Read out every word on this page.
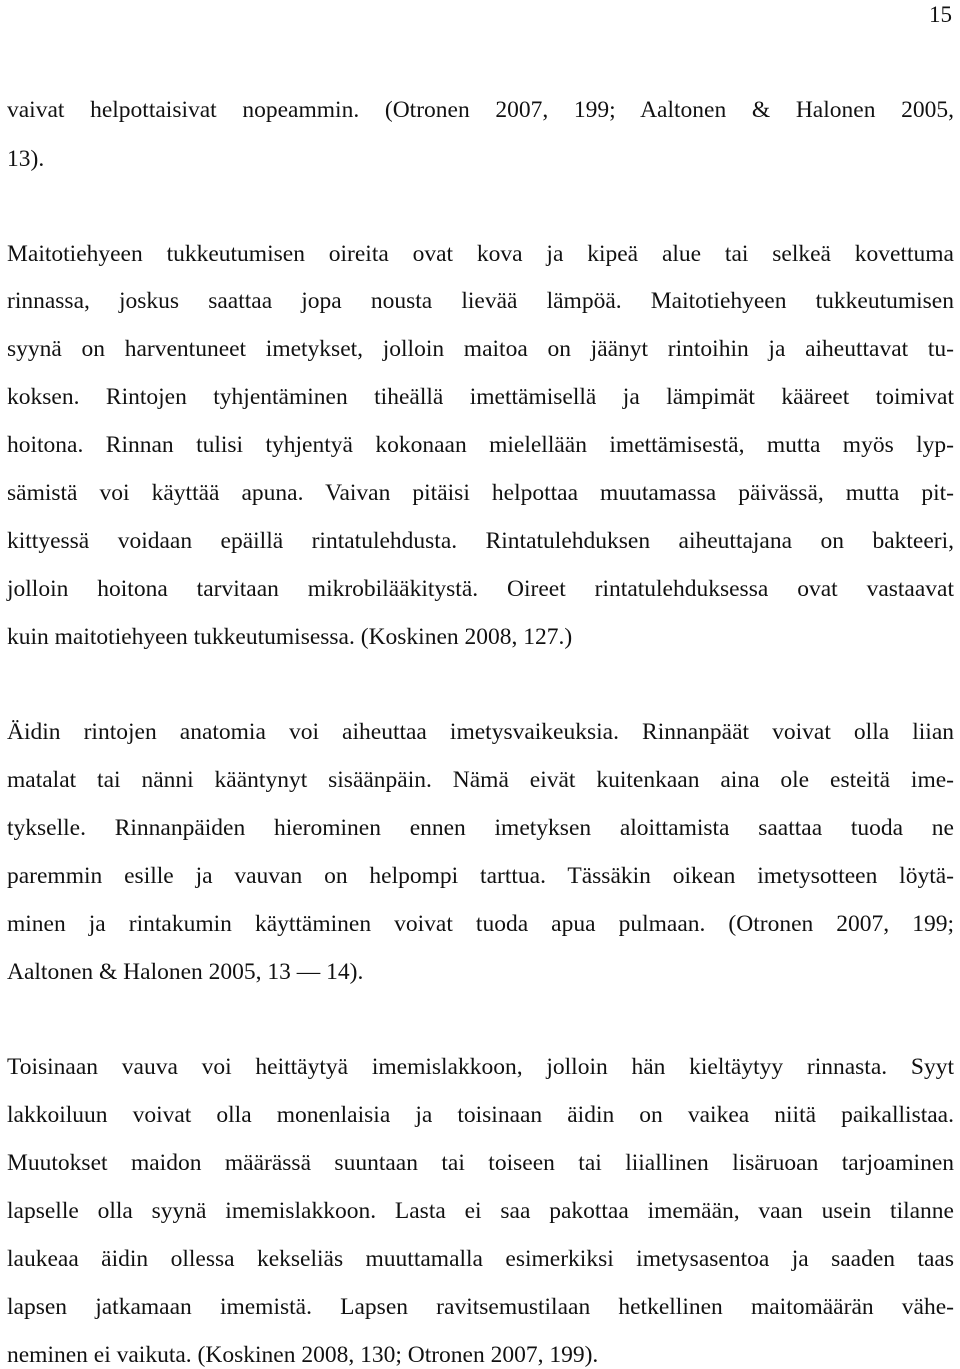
15
vaivat helpottaisivat nopeammin. (Otronen 2007, 199; Aaltonen & Halonen 2005,
13).
Maitotiehyeen tukkeutumisen oireita ovat kova ja kipeä alue tai selkeä kovettuma
rinnassa, joskus saattaa jopa nousta lievää lämpöä. Maitotiehyeen tukkeutumisen
syynä on harventuneet imetykset, jolloin maitoa on jäänyt rintoihin ja aiheuttavat tu-
koksen. Rintojen tyhjentäminen tiheällä imettämisellä ja lämpimät kääreet toimivat
hoitona. Rinnan tulisi tyhjentyä kokonaan mielellään imettämisestä, mutta myös lyp-
sämistä voi käyttää apuna. Vaivan pitäisi helpottaa muutamassa päivässä, mutta pit-
kittyessä voidaan epäillä rintatulehdusta. Rintatulehduksen aiheuttajana on bakteeri,
jolloin hoitona tarvitaan mikrobilääkitystä. Oireet rintatulehduksessa ovat vastaavat
kuin maitotiehyeen tukkeutumisessa. (Koskinen 2008, 127.)
Äidin rintojen anatomia voi aiheuttaa imetysvaikeuksia. Rinnanpäät voivat olla liian
matalat tai nänni kääntynyt sisäänpäin. Nämä eivät kuitenkaan aina ole esteitä ime-
tykselle. Rinnanpäiden hierominen ennen imetyksen aloittamista saattaa tuoda ne
paremmin esille ja vauvan on helpompi tarttua. Tässäkin oikean imetysotteen löytä-
minen ja rintakumin käyttäminen voivat tuoda apua pulmaan. (Otronen 2007, 199;
Aaltonen & Halonen 2005, 13 — 14).
Toisinaan vauva voi heittäytyä imemislakkoon, jolloin hän kieltäytyy rinnasta. Syyt
lakkoiluun voivat olla monenlaisia ja toisinaan äidin on vaikea niitä paikallistaa.
Muutokset maidon määrässä suuntaan tai toiseen tai liiallinen lisäruoan tarjoaminen
lapselle olla syynä imemislakkoon. Lasta ei saa pakottaa imemään, vaan usein tilanne
laukeaa äidin ollessa kekseliäs muuttamalla esimerkiksi imetysasentoa ja saaden taas
lapsen jatkamaan imemistä. Lapsen ravitsemustilaan hetkellinen maitomäärän vähe-
neminen ei vaikuta. (Koskinen 2008, 130; Otronen 2007, 199).
